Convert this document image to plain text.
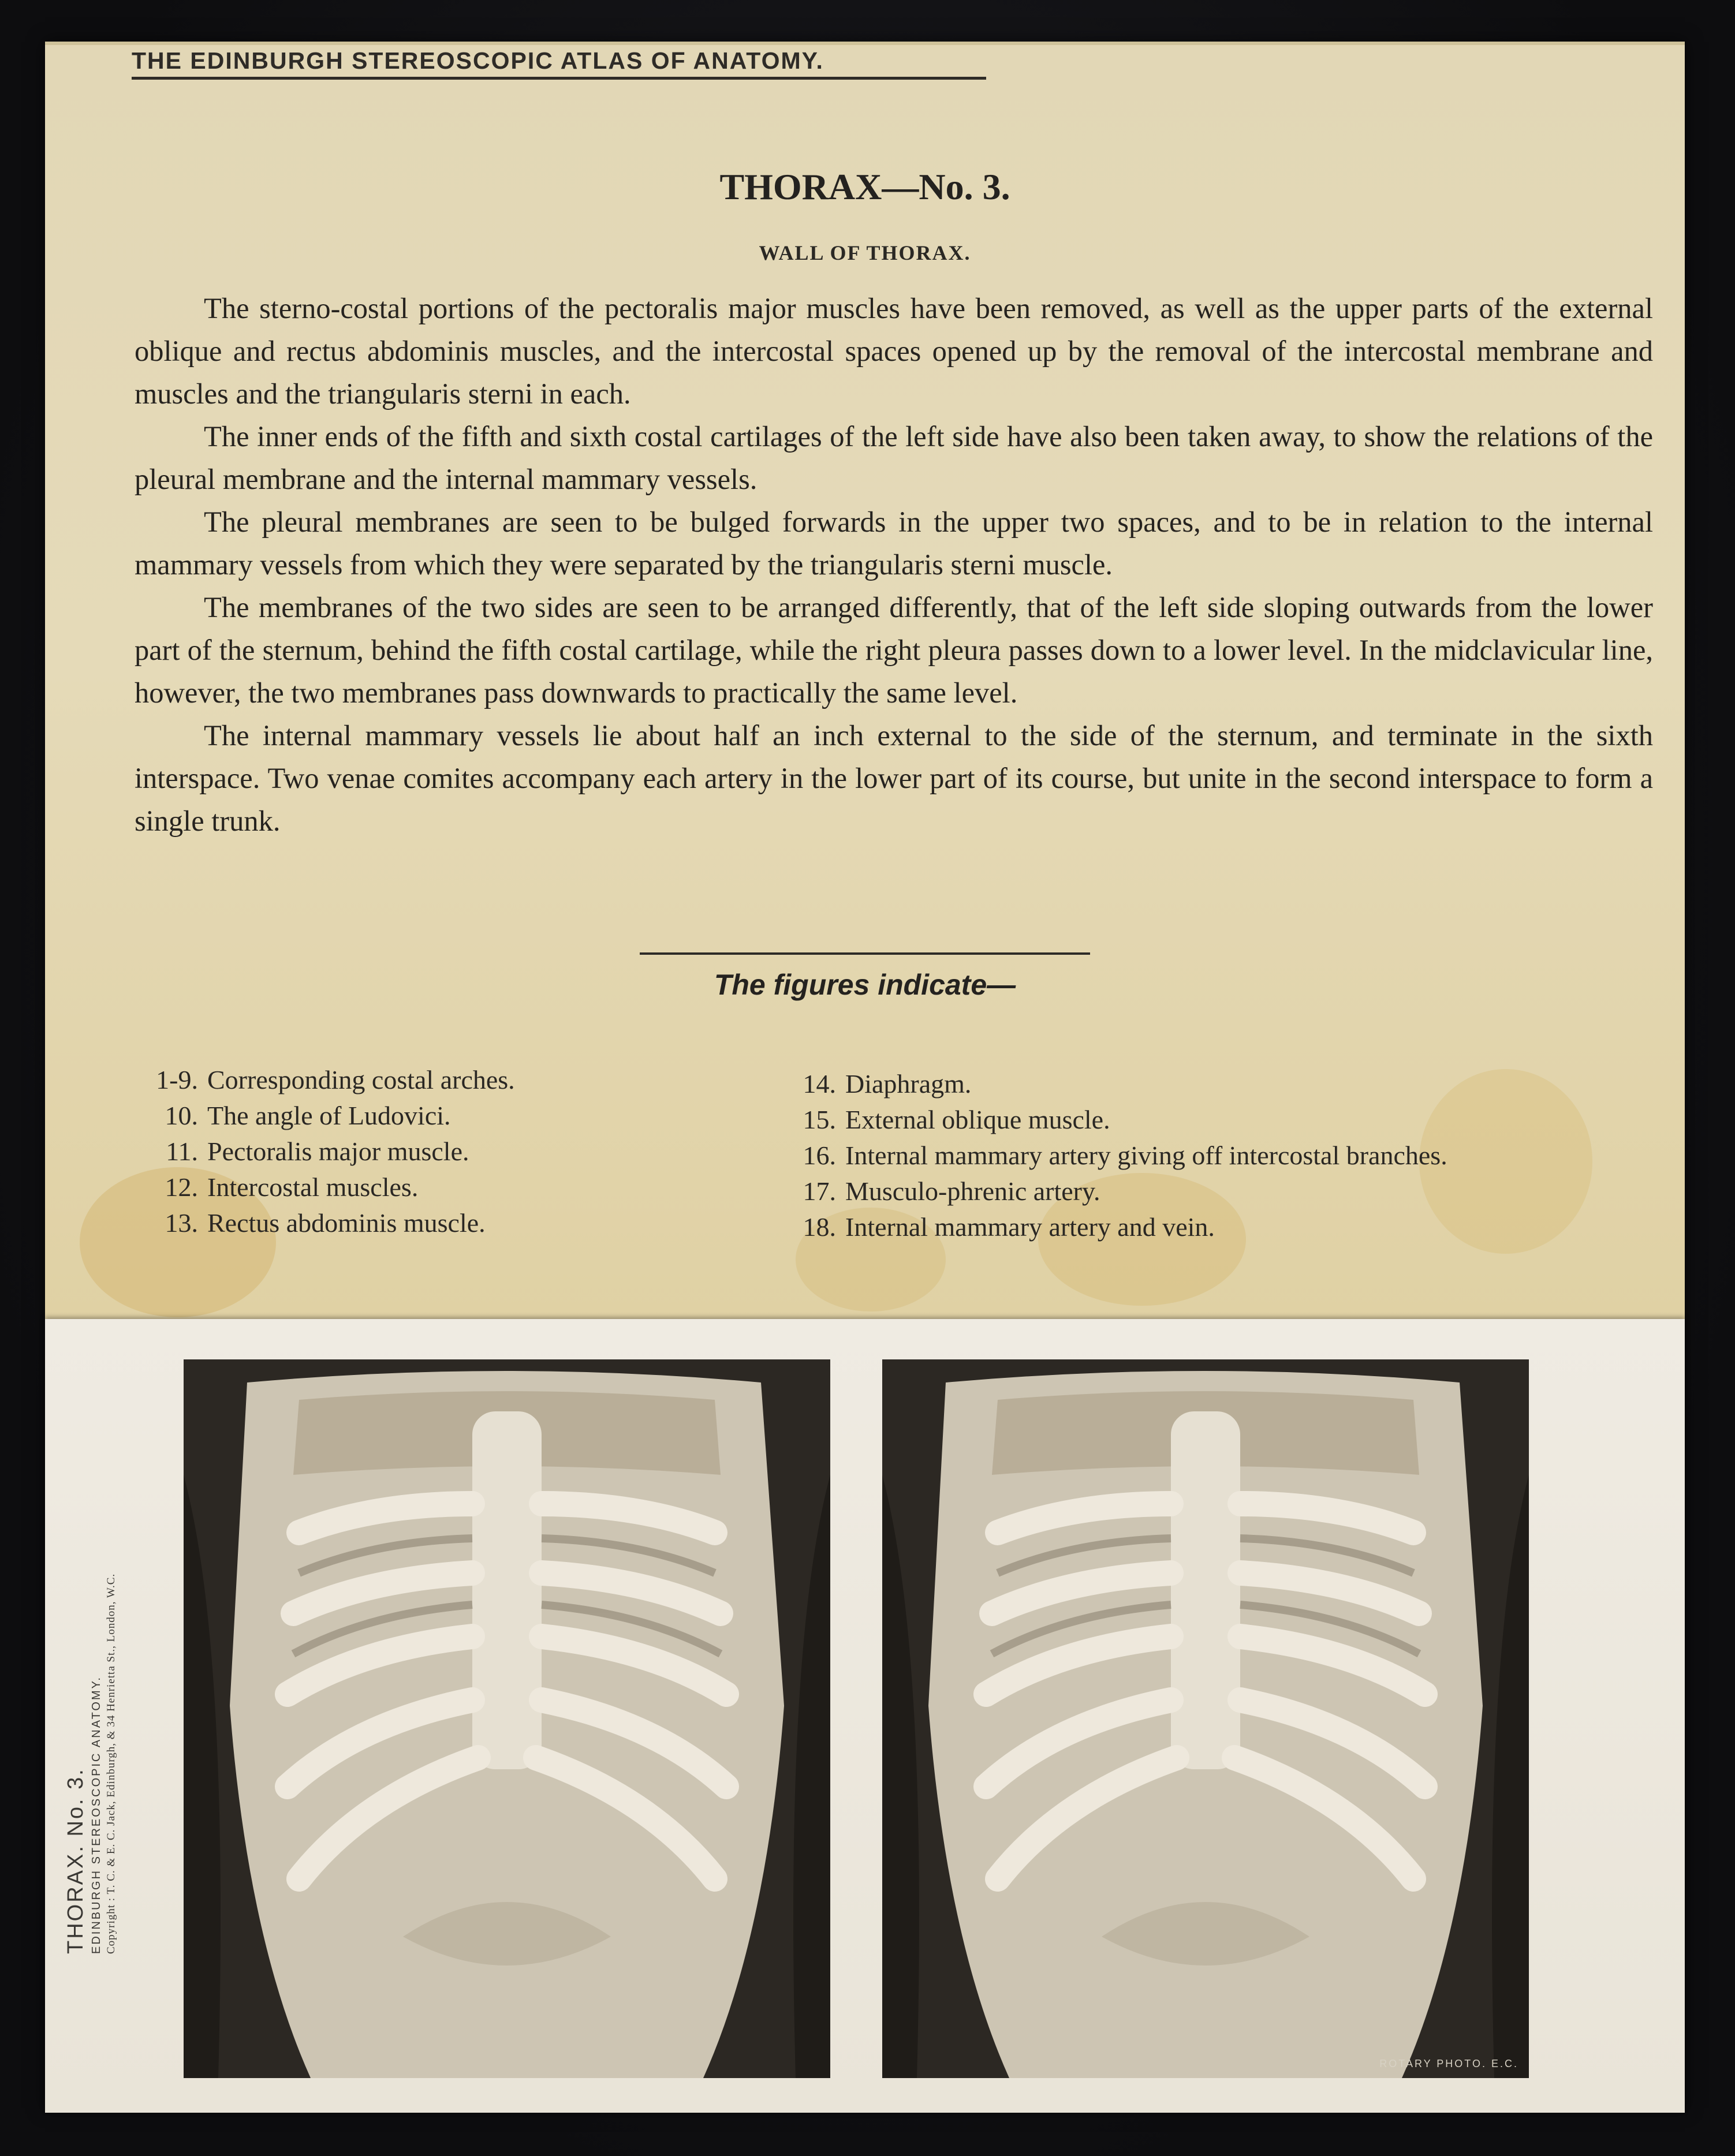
THE EDINBURGH STEREOSCOPIC ATLAS OF ANATOMY.
THORAX—No. 3.
WALL OF THORAX.

The sterno-costal portions of the pectoralis major muscles have been removed, as well as the upper parts of the external oblique and rectus abdominis muscles, and the intercostal spaces opened up by the removal of the intercostal membrane and muscles and the triangularis sterni in each.

The inner ends of the fifth and sixth costal cartilages of the left side have also been taken away, to show the relations of the pleural membrane and the internal mammary vessels.

The pleural membranes are seen to be bulged forwards in the upper two spaces, and to be in relation to the internal mammary vessels from which they were separated by the triangularis sterni muscle.

The membranes of the two sides are seen to be arranged differently, that of the left side sloping outwards from the lower part of the sternum, behind the fifth costal cartilage, while the right pleura passes down to a lower level. In the midclavicular line, however, the two membranes pass downwards to practically the same level.

The internal mammary vessels lie about half an inch external to the side of the sternum, and terminate in the sixth interspace. Two venae comites accompany each artery in the lower part of its course, but unite in the second interspace to form a single trunk.

The figures indicate—
1-9. Corresponding costal arches.
10. The angle of Ludovici.
11. Pectoralis major muscle.
12. Intercostal muscles.
13. Rectus abdominis muscle.
14. Diaphragm.
15. External oblique muscle.
16. Internal mammary artery giving off intercostal branches.
17. Musculo-phrenic artery.
18. Internal mammary artery and vein.
THORAX. No. 3. EDINBURGH STEREOSCOPIC ANATOMY. Copyright : T. C. & E. C. Jack, Edinburgh, & 34 Henrietta St., London, W.C.
ROTARY PHOTO. E.C.
